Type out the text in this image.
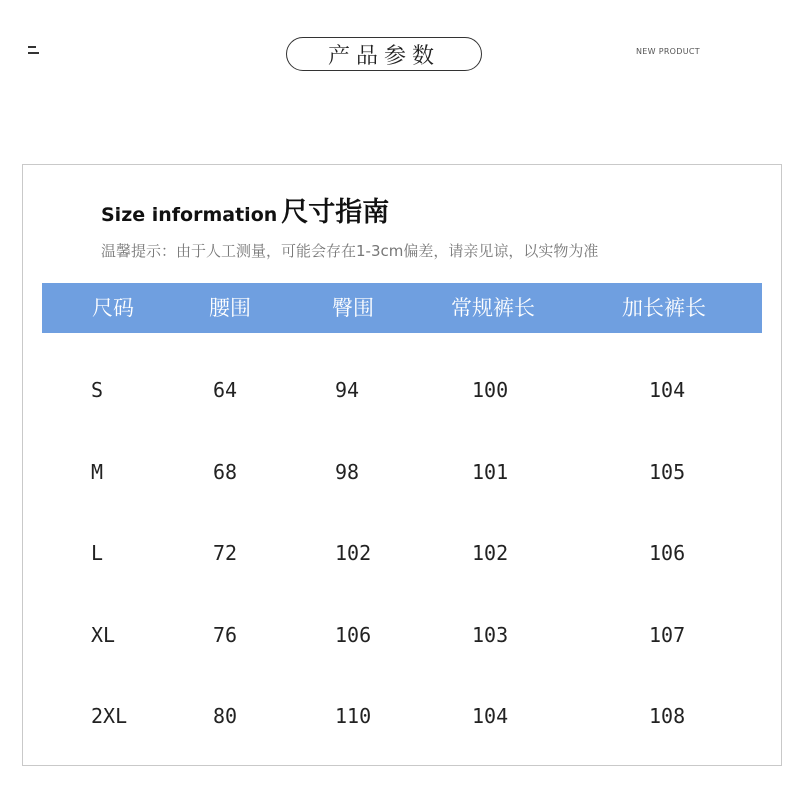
产品参数	NEW PRODUCT
Size information 尺寸指南
温馨提示：由于人工测量，可能会存在1-3cm偏差，请亲见谅，以实物为准
尺码	腰围	臀围	常规裤长	加长裤长
S	64	94	100	104
M	68	98	101	105
L	72	102	102	106
XL	76	106	103	107
2XL	80	110	104	108
